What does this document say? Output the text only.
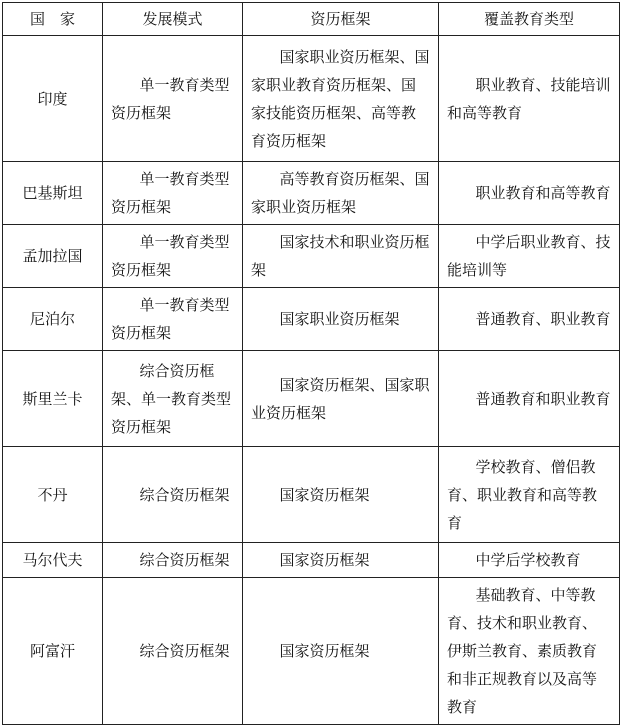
国　家	发展模式	资历框架	覆盖教育类型
印度	单一教育类型资历框架	国家职业资历框架、国家职业教育资历框架、国家技能资历框架、高等教育资历框架	职业教育、技能培训和高等教育
巴基斯坦	单一教育类型资历框架	高等教育资历框架、国家职业资历框架	职业教育和高等教育
孟加拉国	单一教育类型资历框架	国家技术和职业资历框架	中学后职业教育、技能培训等
尼泊尔	单一教育类型资历框架	国家职业资历框架	普通教育、职业教育
斯里兰卡	综合资历框架、单一教育类型资历框架	国家资历框架、国家职业资历框架	普通教育和职业教育
不丹	综合资历框架	国家资历框架	学校教育、僧侣教育、职业教育和高等教育
马尔代夫	综合资历框架	国家资历框架	中学后学校教育
阿富汗	综合资历框架	国家资历框架	基础教育、中等教育、技术和职业教育、伊斯兰教育、素质教育和非正规教育以及高等教育
